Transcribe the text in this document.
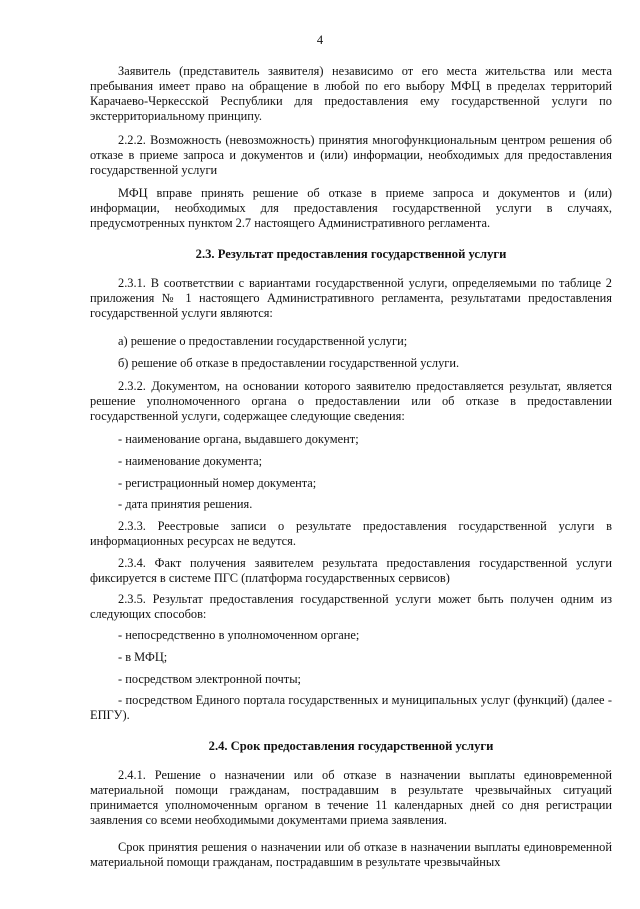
4

Заявитель (представитель заявителя) независимо от его места жительства или места пребывания имеет право на обращение в любой по его выбору МФЦ в пределах территорий Карачаево-Черкесской Республики для предоставления ему государственной услуги по экстерриториальному принципу.

2.2.2. Возможность (невозможность) принятия многофункциональным центром решения об отказе в приеме запроса и документов и (или) информации, необходимых для предоставления государственной услуги

МФЦ вправе принять решение об отказе в приеме запроса и документов и (или) информации, необходимых для предоставления государственной услуги в случаях, предусмотренных пунктом 2.7 настоящего Административного регламента.

2.3. Результат предоставления государственной услуги

2.3.1. В соответствии с вариантами государственной услуги, определяемыми по таблице 2 приложения № 1 настоящего Административного регламента, результатами предоставления государственной услуги являются:

а) решение о предоставлении государственной услуги;

б) решение об отказе в предоставлении государственной услуги.

2.3.2. Документом, на основании которого заявителю предоставляется результат, является решение уполномоченного органа о предоставлении или об отказе в предоставлении государственной услуги, содержащее следующие сведения:

- наименование органа, выдавшего документ;

- наименование документа;

- регистрационный номер документа;

- дата принятия решения.

2.3.3. Реестровые записи о результате предоставления государственной услуги в информационных ресурсах не ведутся.

2.3.4. Факт получения заявителем результата предоставления государственной услуги фиксируется в системе ПГС (платформа государственных сервисов)

2.3.5. Результат предоставления государственной услуги может быть получен одним из следующих способов:

- непосредственно в уполномоченном органе;

- в МФЦ;

- посредством электронной почты;

- посредством Единого портала государственных и муниципальных услуг (функций) (далее - ЕПГУ).

2.4. Срок предоставления государственной услуги

2.4.1. Решение о назначении или об отказе в назначении выплаты единовременной материальной помощи гражданам, пострадавшим в результате чрезвычайных ситуаций принимается уполномоченным органом в течение 11 календарных дней со дня регистрации заявления со всеми необходимыми документами приема заявления.

Срок принятия решения о назначении или об отказе в назначении выплаты единовременной материальной помощи гражданам, пострадавшим в результате чрезвычайных
